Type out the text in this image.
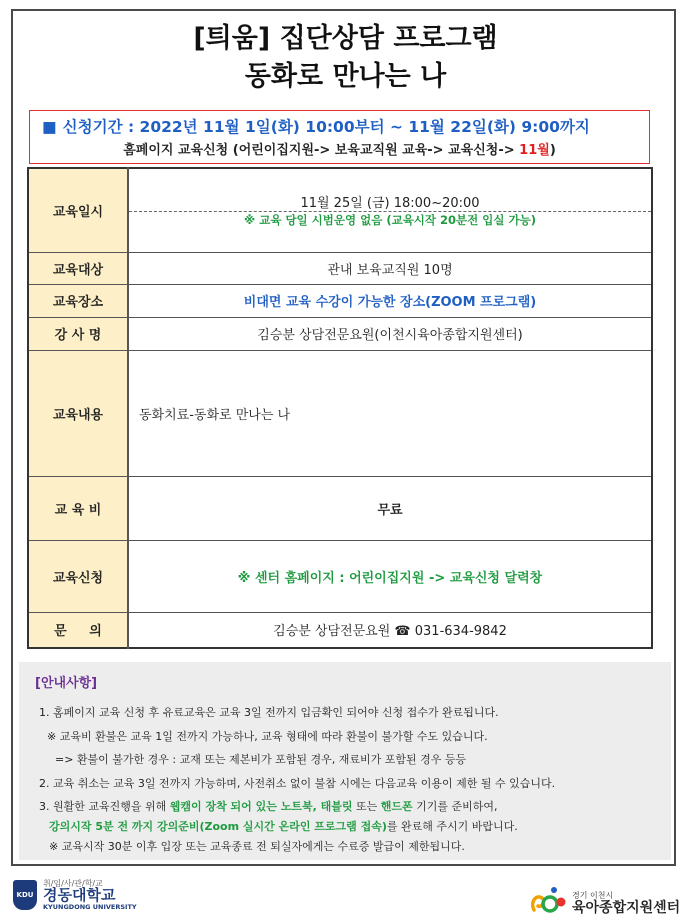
[틔움] 집단상담 프로그램
동화로 만나는 나
■ 신청기간 : 2022년 11월 1일(화) 10:00부터 ~ 11월 22일(화) 9:00까지
홈페이지 교육신청 (어린이집지원-> 보육교직원 교육-> 교육신청-> 11월)
교육일시	11월 25일 (금) 18:00~20:00
※ 교육 당일 시범운영 없음 (교육시작 20분전 입실 가능)

교육대상	관내 보육교직원 10명
교육장소	비대면 교육 수강이 가능한 장소(ZOOM 프로그램)
강 사 명	김승분 상담전문요원(이천시육아종합지원센터)
교육내용	동화치료-동화로 만나는 나
교 육 비	무료
교육신청	※ 센터 홈페이지 : 어린이집지원 -> 교육신청 달력창
문     의	김승분 상담전문요원 ☎ 031-634-9842
[안내사항]
1. 홈페이지 교육 신청 후 유료교육은 교육 3일 전까지 입금확인 되어야 신청 접수가 완료됩니다.
※ 교육비 환불은 교육 1일 전까지 가능하나, 교육 형태에 따라 환불이 불가할 수도 있습니다.
=> 환불이 불가한 경우 : 교재 또는 제본비가 포함된 경우, 재료비가 포함된 경우 등등
2. 교육 취소는 교육 3일 전까지 가능하며, 사전취소 없이 불참 시에는 다음교육 이용이 제한 될 수 있습니다.
3. 원활한 교육진행을 위해 웹캠이 장착 되어 있는 노트북, 태블릿 또는 핸드폰 기기를 준비하여,
강의시작 5분 전 까지 강의준비(Zoom 실시간 온라인 프로그램 접속)를 완료해 주시기 바랍니다.
※ 교육시작 30분 이후 입장 또는 교육종료 전 퇴실자에게는 수료증 발급이 제한됩니다.
KDU
취/임/사/관/학/교
경동대학교
KYUNGDONG UNIVERSITY
경기 이천시
육아종합지원센터
